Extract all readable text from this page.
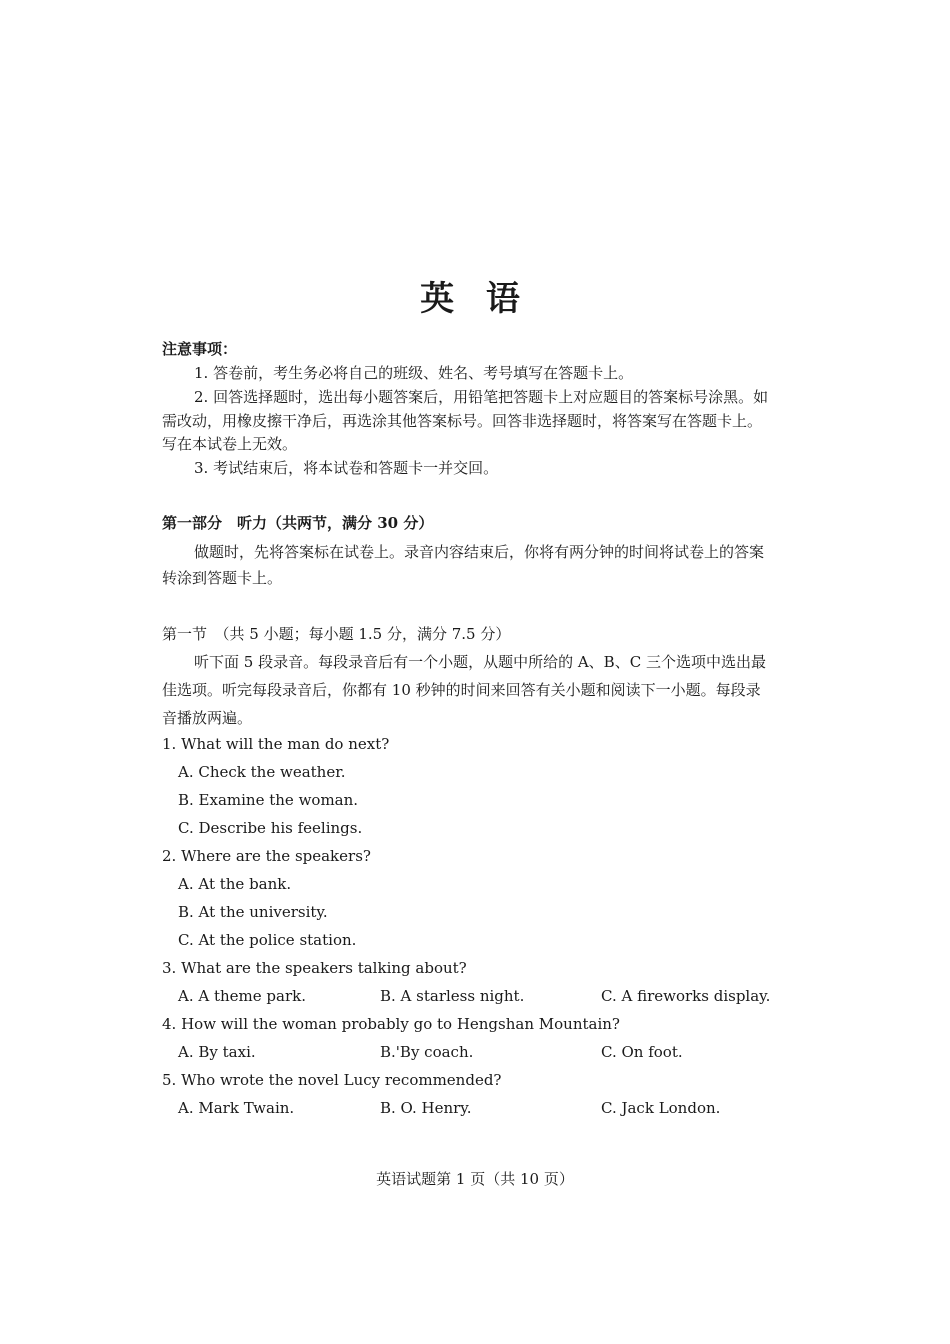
英 语
注意事项：
1. 答卷前，考生务必将自己的班级、姓名、考号填写在答题卡上。
2. 回答选择题时，选出每小题答案后，用铅笔把答题卡上对应题目的答案标号涂黑。如
需改动，用橡皮擦干净后，再选涂其他答案标号。回答非选择题时，将答案写在答题卡上。
写在本试卷上无效。
3. 考试结束后，将本试卷和答题卡一并交回。
第一部分　听力（共两节，满分 30 分）
做题时，先将答案标在试卷上。录音内容结束后，你将有两分钟的时间将试卷上的答案
转涂到答题卡上。
第一节　（共 5 小题；每小题 1.5 分，满分 7.5 分）
听下面 5 段录音。每段录音后有一个小题，从题中所给的 A、B、C 三个选项中选出最
佳选项。听完每段录音后，你都有 10 秒钟的时间来回答有关小题和阅读下一小题。每段录
音播放两遍。
1. What will the man do next?
A. Check the weather.
B. Examine the woman.
C. Describe his feelings.
2. Where are the speakers?
A. At the bank.
B. At the university.
C. At the police station.
3. What are the speakers talking about?
A. A theme park.	B. A starless night.	C. A fireworks display.
4. How will the woman probably go to Hengshan Mountain?
A. By taxi.	B.'By coach.	C. On foot.
5. Who wrote the novel Lucy recommended?
A. Mark Twain.	B. O. Henry.	C. Jack London.
英语试题第 1 页（共 10 页）
